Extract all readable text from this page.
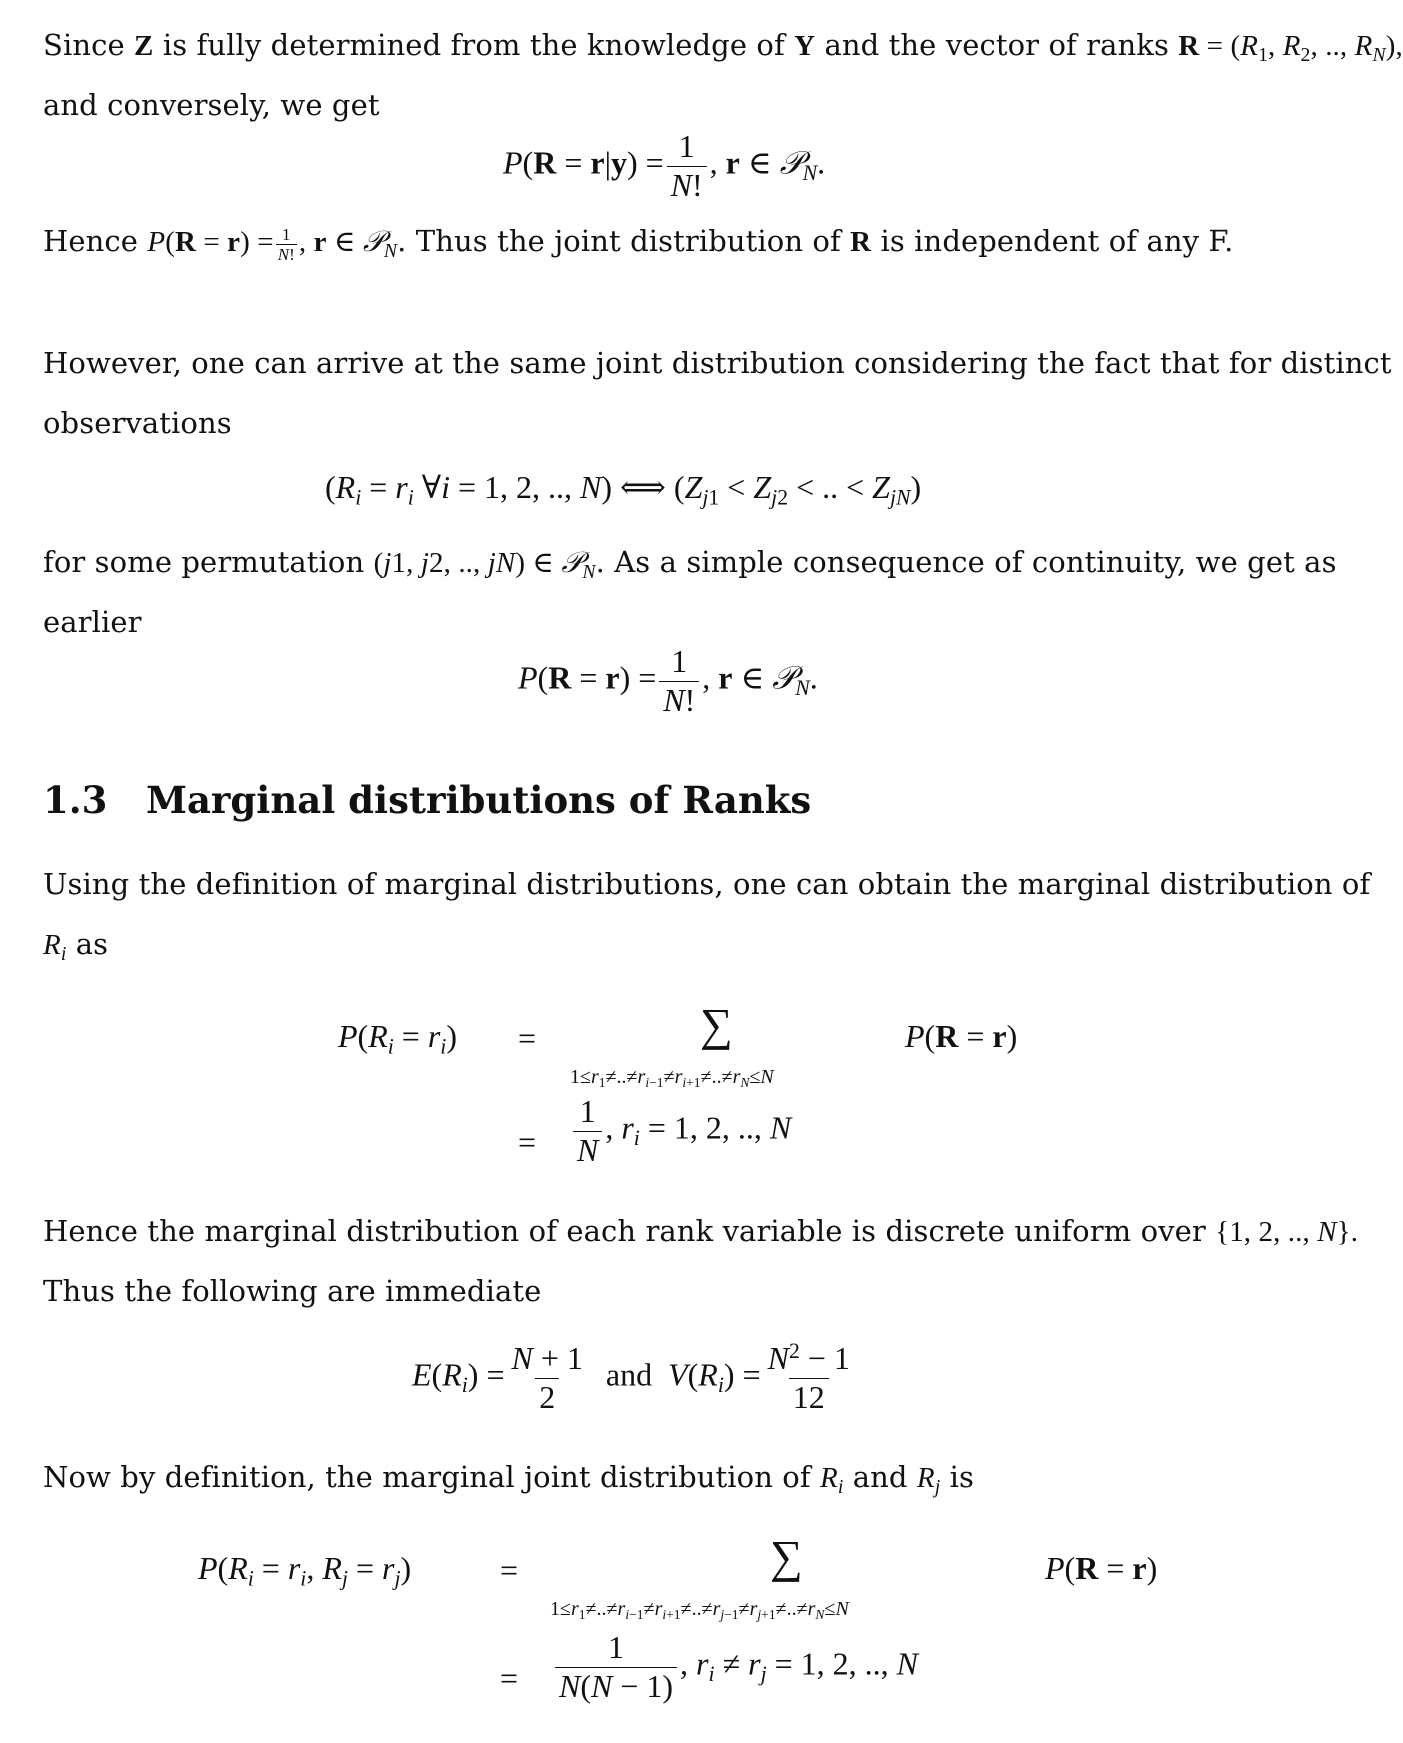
Since Z is fully determined from the knowledge of Y and the vector of ranks $R = (R_1$, $R_2$, .., $R_N$),
and conversely, we get
$P(R = r|y) = \frac{1}{N!}$ , r ∈ 𝒫$_N$.
Hence $P(R = r) = \frac{1}{N!}$ , r ∈ 𝒫$_N$. Thus the joint distribution of R is independent of any F.
However, one can arrive at the same joint distribution considering the fact that for distinct
observations
($R_i = r_i$ ∀i = 1, 2, .., N) ⟺ ($Z_{j1} < Z_{j2}$ < .. < $Z_{jN}$)
for some permutation (j1, j2, .., jN) ∈ 𝒫$_N$. As a simple consequence of continuity, we get as
earlier
$P(R = r) = \frac{1}{N!}$ , r ∈ 𝒫$_N$.
1.3 Marginal distributions of Ranks
Using the definition of marginal distributions, one can obtain the marginal distribution of
$R_i$ as
$P(R_i = r_i)$ =	∑
$1\le r_1\ne..\ne r_{i-1}\ne r_{i+1}\ne..\ne r_N\le N$
P(R = r)
= $\frac{1}{N}$ , $r_i = 1$, 2, .., N
Hence the marginal distribution of each rank variable is discrete uniform over {1, 2, .., N}.
Thus the following are immediate
$E(R_i) = \frac{N + 1}{2}$ and $V(R_i) = \frac{N^2 - 1}{12}$
Now by definition, the marginal joint distribution of $R_i$ and $R_j$ is
$P(R_i = r_i$, $R_j = r_j$)	=	∑
$1\le r_1\ne..\ne r_{i-1}\ne r_{i+1}\ne..\ne r_{j-1}\ne r_{j+1}\ne..\ne r_N\le N$
P(R = r)
= $\frac{1}{N(N - 1)}$ , $r_i \ne r_j = 1$, 2, .., N
